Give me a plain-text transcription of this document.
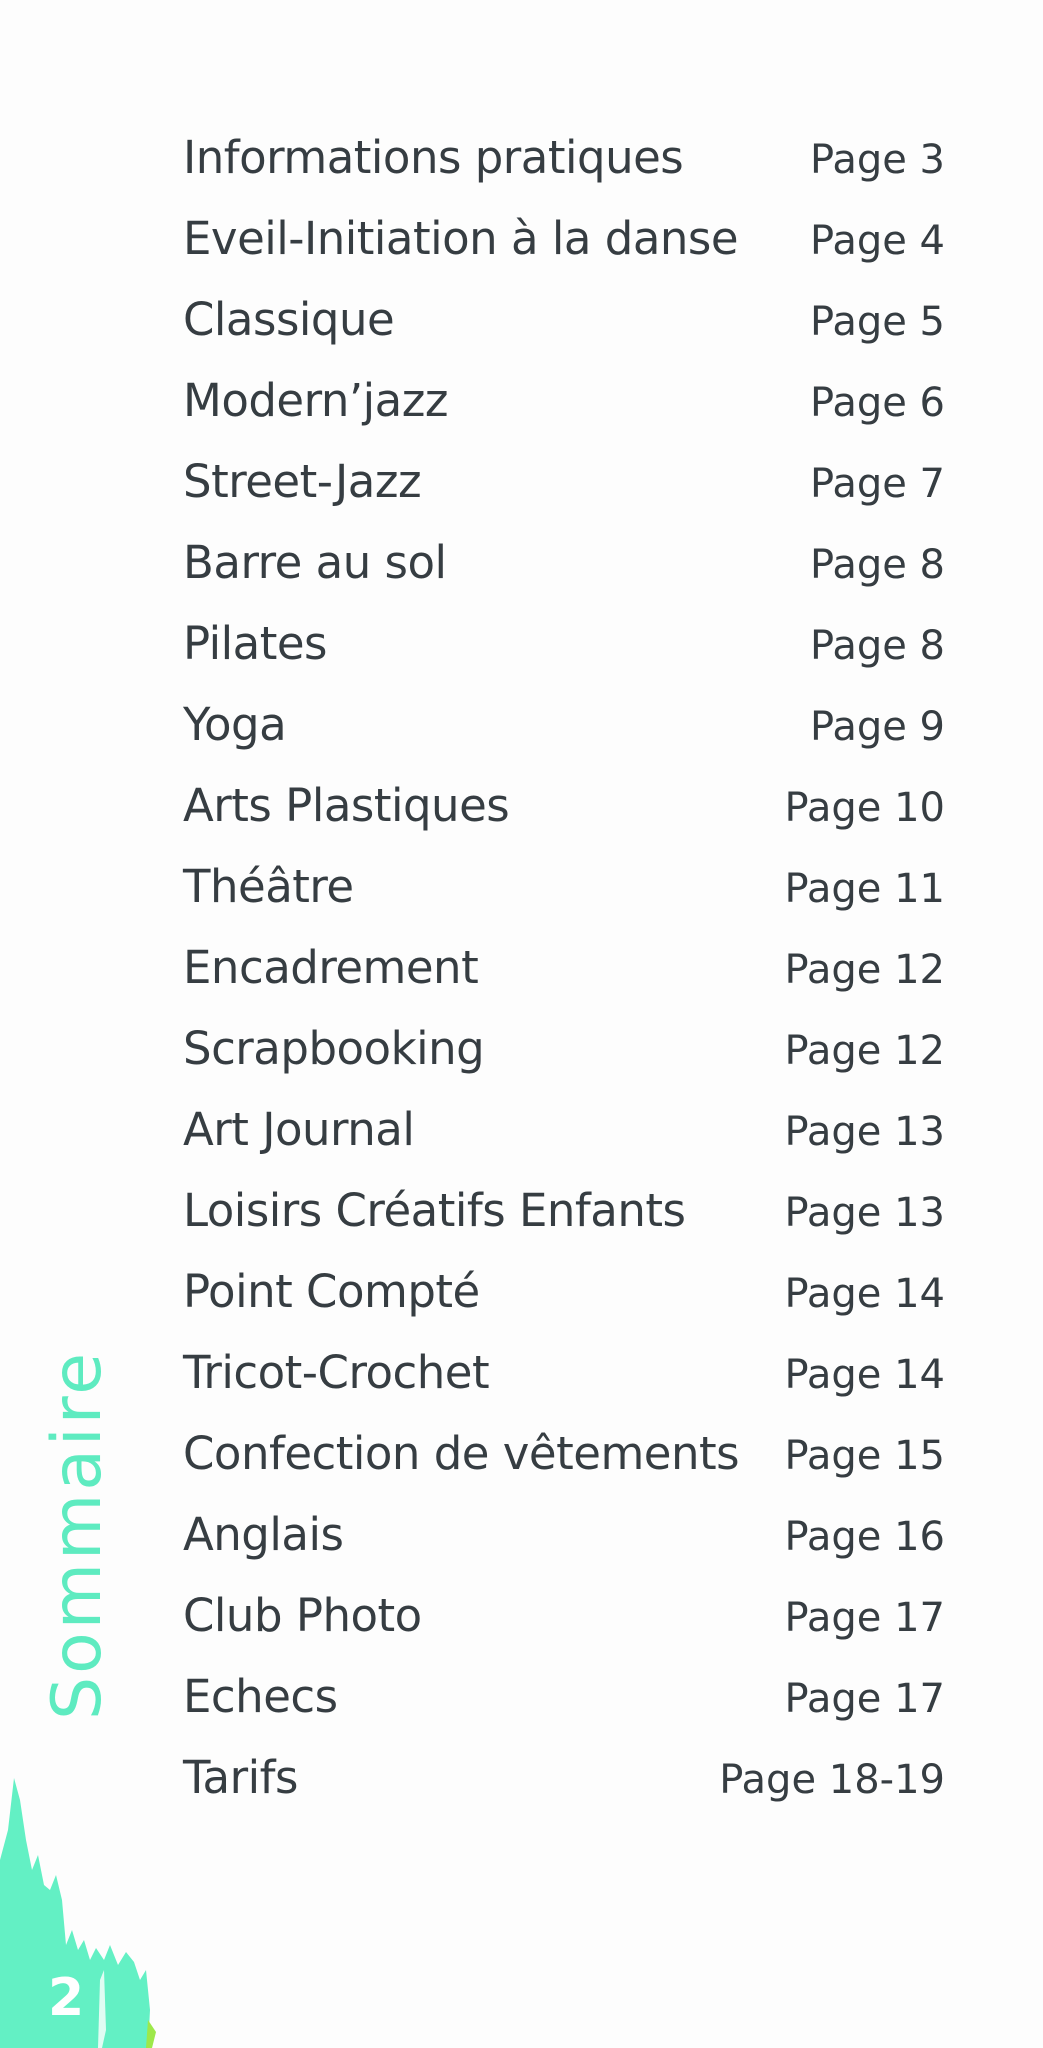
Informations pratiques	Page 3
Eveil-Initiation à la danse Page 4
Classique	Page 5
Modern’jazz	Page 6
Street-Jazz	Page 7
Barre au sol	Page 8
Pilates	Page 8
Yoga	Page 9
Arts Plastiques	Page 10
Théâtre	Page 11
Encadrement	Page 12
Scrapbooking	Page 12
Art Journal	Page 13
Loisirs Créatifs Enfants Page 13
Point Compté	Page 14
Tricot-Crochet	Page 14
Confection de vêtements Page 15
Anglais	Page 16
Club Photo	Page 17
Echecs	Page 17
Tarifs	Page 18-19
Sommaire
2
